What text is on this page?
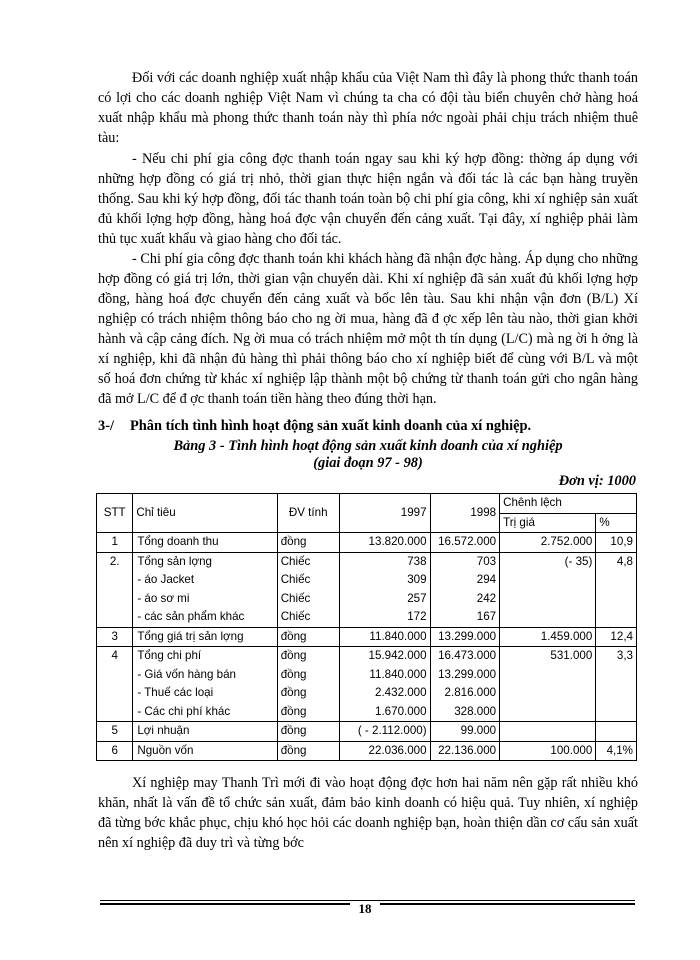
Đối với các doanh nghiệp xuất nhập khẩu của Việt Nam thì đây là phong thức thanh toán có lợi cho các doanh nghiệp Việt Nam vì chúng ta cha có đội tàu biển chuyên chở hàng hoá xuất nhập khẩu mà phong thức thanh toán này thì phía nớc ngoài phải chịu trách nhiệm thuê tàu:

- Nếu chi phí gia công đợc thanh toán ngay sau khi ký hợp đồng: thờng áp dụng với những hợp đồng có giá trị nhỏ, thời gian thực hiện ngắn và đối tác là các bạn hàng truyền thống. Sau khi ký hợp đồng, đối tác thanh toán toàn bộ chi phí gia công, khi xí nghiệp sản xuất đủ khối lợng hợp đồng, hàng hoá đợc vận chuyển đến cảng xuất. Tại đây, xí nghiệp phải làm thủ tục xuất khẩu và giao hàng cho đối tác.

- Chi phí gia công đợc thanh toán khi khách hàng đã nhận đợc hàng. Áp dụng cho những hợp đồng có giá trị lớn, thời gian vận chuyển dài. Khi xí nghiệp đã sản xuất đủ khối lợng hợp đồng, hàng hoá đợc chuyển đến cảng xuất và bốc lên tàu. Sau khi nhận vận đơn (B/L) Xí nghiệp có trách nhiệm thông báo cho ng ời mua, hàng đã đ ợc xếp lên tàu nào, thời gian khởi hành và cập cảng đích. Ng ời mua có trách nhiệm mở một th tín dụng (L/C) mà ng ời h ởng là xí nghiệp, khi đã nhận đủ hàng thì phải thông báo cho xí nghiệp biết để cùng với B/L và một số hoá đơn chứng từ khác xí nghiệp lập thành một bộ chứng từ thanh toán gửi cho ngân hàng đã mở L/C để đ ợc thanh toán tiền hàng theo đúng thời hạn.

3-/ Phân tích tình hình hoạt động sản xuất kinh doanh của xí nghiệp.
Bảng 3 - Tình hình hoạt động sản xuất kinh doanh của xí nghiệp
(giai đoạn 97 - 98)
Đơn vị: 1000
STT	Chỉ tiêu	ĐV tính	1997	1998	Chênh lệch	
					Trị giá	%
1	Tổng doanh thu	đồng	13.820.000	16.572.000	2.752.000	10,9
2.	Tổng sản lợng	Chiếc	738	703	(- 35)	4,8
	- áo Jacket	Chiếc	309	294		
	- áo sơ mi	Chiếc	257	242		
	- các sản phẩm khác	Chiếc	172	167		
3	Tổng giá trị sản lợng	đồng	11.840.000	13.299.000	1.459.000	12,4
4	Tổng chi phí	đồng	15.942.000	16.473.000	531.000	3,3
	- Giá vốn hàng bán	đồng	11.840.000	13.299.000		
	- Thuế các loại	đồng	2.432.000	2.816.000		
	- Các chi phí khác	đồng	1.670.000	328.000		
5	Lợi nhuận	đồng	( - 2.112.000)	99.000		
6	Nguồn vốn	đồng	22.036.000	22.136.000	100.000	4,1%

Xí nghiệp may Thanh Trì mới đi vào hoạt động đợc hơn hai năm nên gặp rất nhiều khó khăn, nhất là vấn đề tổ chức sản xuất, đảm bảo kinh doanh có hiệu quả. Tuy nhiên, xí nghiệp đã từng bớc khắc phục, chịu khó học hỏi các doanh nghiệp bạn, hoàn thiện dần cơ cấu sản xuất nên xí nghiệp đã duy trì và từng bớc

18
